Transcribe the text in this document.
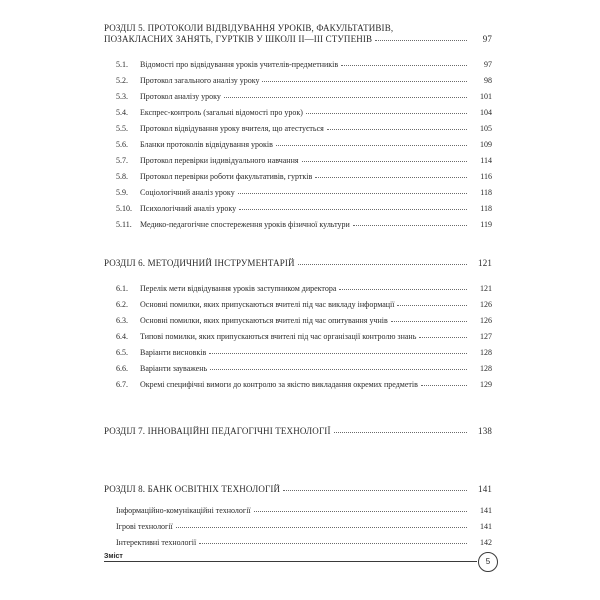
РОЗДІЛ 5. ПРОТОКОЛИ ВІДВІДУВАННЯ УРОКІВ, ФАКУЛЬТАТИВІВ,
ПОЗАКЛАСНИХ ЗАНЯТЬ, ГУРТКІВ У ШКОЛІ II—III СТУПЕНІВ	97
5.1. Відомості про відвідування уроків учителів-предметників	97
5.2. Протокол загального аналізу уроку	98
5.3. Протокол аналізу уроку	101
5.4. Експрес-контроль (загальні відомості про урок)	104
5.5. Протокол відвідування уроку вчителя, що атестується	105
5.6. Бланки протоколів відвідування уроків	109
5.7. Протокол перевірки індивідуального навчання	114
5.8. Протокол перевірки роботи факультативів, гуртків	116
5.9. Соціологічний аналіз уроку	118
5.10. Психологічний аналіз уроку	118
5.11. Медико-педагогічне спостереження уроків фізичної культури	119
РОЗДІЛ 6. МЕТОДИЧНИЙ ІНСТРУМЕНТАРІЙ	121
6.1. Перелік мети відвідування уроків заступником директора	121
6.2. Основні помилки, яких припускаються вчителі під час викладу інформації	126
6.3. Основні помилки, яких припускаються вчителі під час опитування учнів	126
6.4. Типові помилки, яких припускаються вчителі під час організації контролю знань	127
6.5. Варіанти висновків	128
6.6. Варіанти зауважень	128
6.7. Окремі специфічні вимоги до контролю за якістю викладання окремих предметів	129
РОЗДІЛ 7. ІННОВАЦІЙНІ ПЕДАГОГІЧНІ ТЕХНОЛОГІЇ	138
РОЗДІЛ 8. БАНК ОСВІТНІХ ТЕХНОЛОГІЙ	141
Інформаційно-комунікаційні технології	141
Ігрові технології	141
Інтерективні технології	142
Зміст
5
